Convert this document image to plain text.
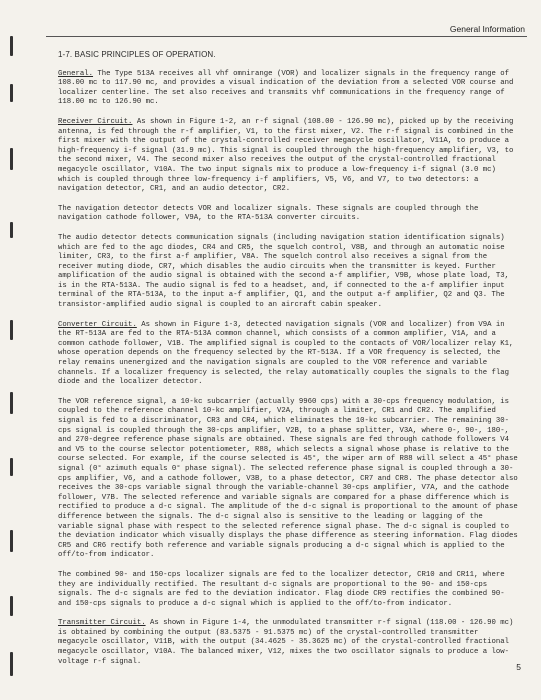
General Information
1-7. BASIC PRINCIPLES OF OPERATION.

General. The Type 513A receives all vhf omnirange (VOR) and localizer signals in the frequency range of 108.00 mc to 117.90 mc, and provides a visual indication of the deviation from a selected VOR course and localizer centerline. The set also receives and transmits vhf communications in the frequency range of 118.00 mc to 126.90 mc.

Receiver Circuit. As shown in Figure 1-2, an r-f signal (108.00 - 126.90 mc), picked up by the receiving antenna, is fed through the r-f amplifier, V1, to the first mixer, V2. The r-f signal is combined in the first mixer with the output of the crystal-controlled receiver megacycle oscillator, V11A, to produce a high-frequency i-f signal (31.9 mc). This signal is coupled through the high-frequency amplifier, V3, to the second mixer, V4. The second mixer also receives the output of the crystal-controlled fractional megacycle oscillator, V10A. The two input signals mix to produce a low-frequency i-f signal (3.0 mc) which is coupled through three low-frequency i-f amplifiers, V5, V6, and V7, to two detectors: a navigation detector, CR1, and an audio detector, CR2.

The navigation detector detects VOR and localizer signals. These signals are coupled through the navigation cathode follower, V9A, to the RTA-513A converter circuits.

The audio detector detects communication signals (including navigation station identification signals) which are fed to the agc diodes, CR4 and CR5, the squelch control, V8B, and through an automatic noise limiter, CR3, to the first a-f amplifier, V8A. The squelch control also receives a signal from the receiver muting diode, CR7, which disables the audio circuits when the transmitter is keyed. Further amplification of the audio signal is obtained with the second a-f amplifier, V9B, whose plate load, T3, is in the RTA-513A. The audio signal is fed to a headset, and, if connected to the a-f amplifier input terminal of the RTA-513A, to the input a-f amplifier, Q1, and the output a-f amplifier, Q2 and Q3. The transistor-amplified audio signal is coupled to an aircraft cabin speaker.

Converter Circuit. As shown in Figure 1-3, detected navigation signals (VOR and localizer) from V9A in the RT-513A are fed to the RTA-513A common channel, which consists of a common amplifier, V1A, and a common cathode follower, V1B. The amplified signal is coupled to the contacts of VOR/localizer relay K1, whose operation depends on the frequency selected by the RT-513A. If a VOR frequency is selected, the relay remains unenergized and the navigation signals are coupled to the VOR reference and variable channels. If a localizer frequency is selected, the relay automatically couples the signals to the flag diode and the localizer detector.

The VOR reference signal, a 10-kc subcarrier (actually 9960 cps) with a 30-cps frequency modulation, is coupled to the reference channel 10-kc amplifier, V2A, through a limiter, CR1 and CR2. The amplified signal is fed to a discriminator, CR3 and CR4, which eliminates the 10-kc subcarrier. The remaining 30-cps signal is coupled through the 30-cps amplifier, V2B, to a phase splitter, V3A, where 0-, 90-, 180-, and 270-degree reference phase signals are obtained. These signals are fed through cathode followers V4 and V5 to the course selector potentiometer, R88, which selects a signal whose phase is relative to the course selected. For example, if the course selected is 45°, the wiper arm of R88 will select a 45° phase signal (0° azimuth equals 0° phase signal). The selected reference phase signal is coupled through a 30-cps amplifier, V6, and a cathode follower, V3B, to a phase detector, CR7 and CR8. The phase detector also receives the 30-cps variable signal through the variable-channel 30-cps amplifier, V7A, and the cathode follower, V7B. The selected reference and variable signals are compared for a phase difference which is rectified to produce a d-c signal. The amplitude of the d-c signal is proportional to the amount of phase difference between the signals. The d-c signal also is sensitive to the leading or lagging of the variable signal phase with respect to the selected reference signal phase. The d-c signal is coupled to the deviation indicator which visually displays the phase difference as steering information. Flag diodes CR5 and CR6 rectify both reference and variable signals producing a d-c signal which is applied to the off/to-from indicator.

The combined 90- and 150-cps localizer signals are fed to the localizer detector, CR10 and CR11, where they are individually rectified. The resultant d-c signals are proportional to the 90- and 150-cps signals. The d-c signals are fed to the deviation indicator. Flag diode CR9 rectifies the combined 90- and 150-cps signals to produce a d-c signal which is applied to the off/to-from indicator.

Transmitter Circuit. As shown in Figure 1-4, the unmodulated transmitter r-f signal (118.00 - 126.90 mc) is obtained by combining the output (83.5375 - 91.5375 mc) of the crystal-controlled transmitter megacycle oscillator, V11B, with the output (34.4625 - 35.3625 mc) of the crystal-controlled fractional megacycle oscillator, V10A. The balanced mixer, V12, mixes the two oscillator signals to produce a low-voltage r-f signal.

5
